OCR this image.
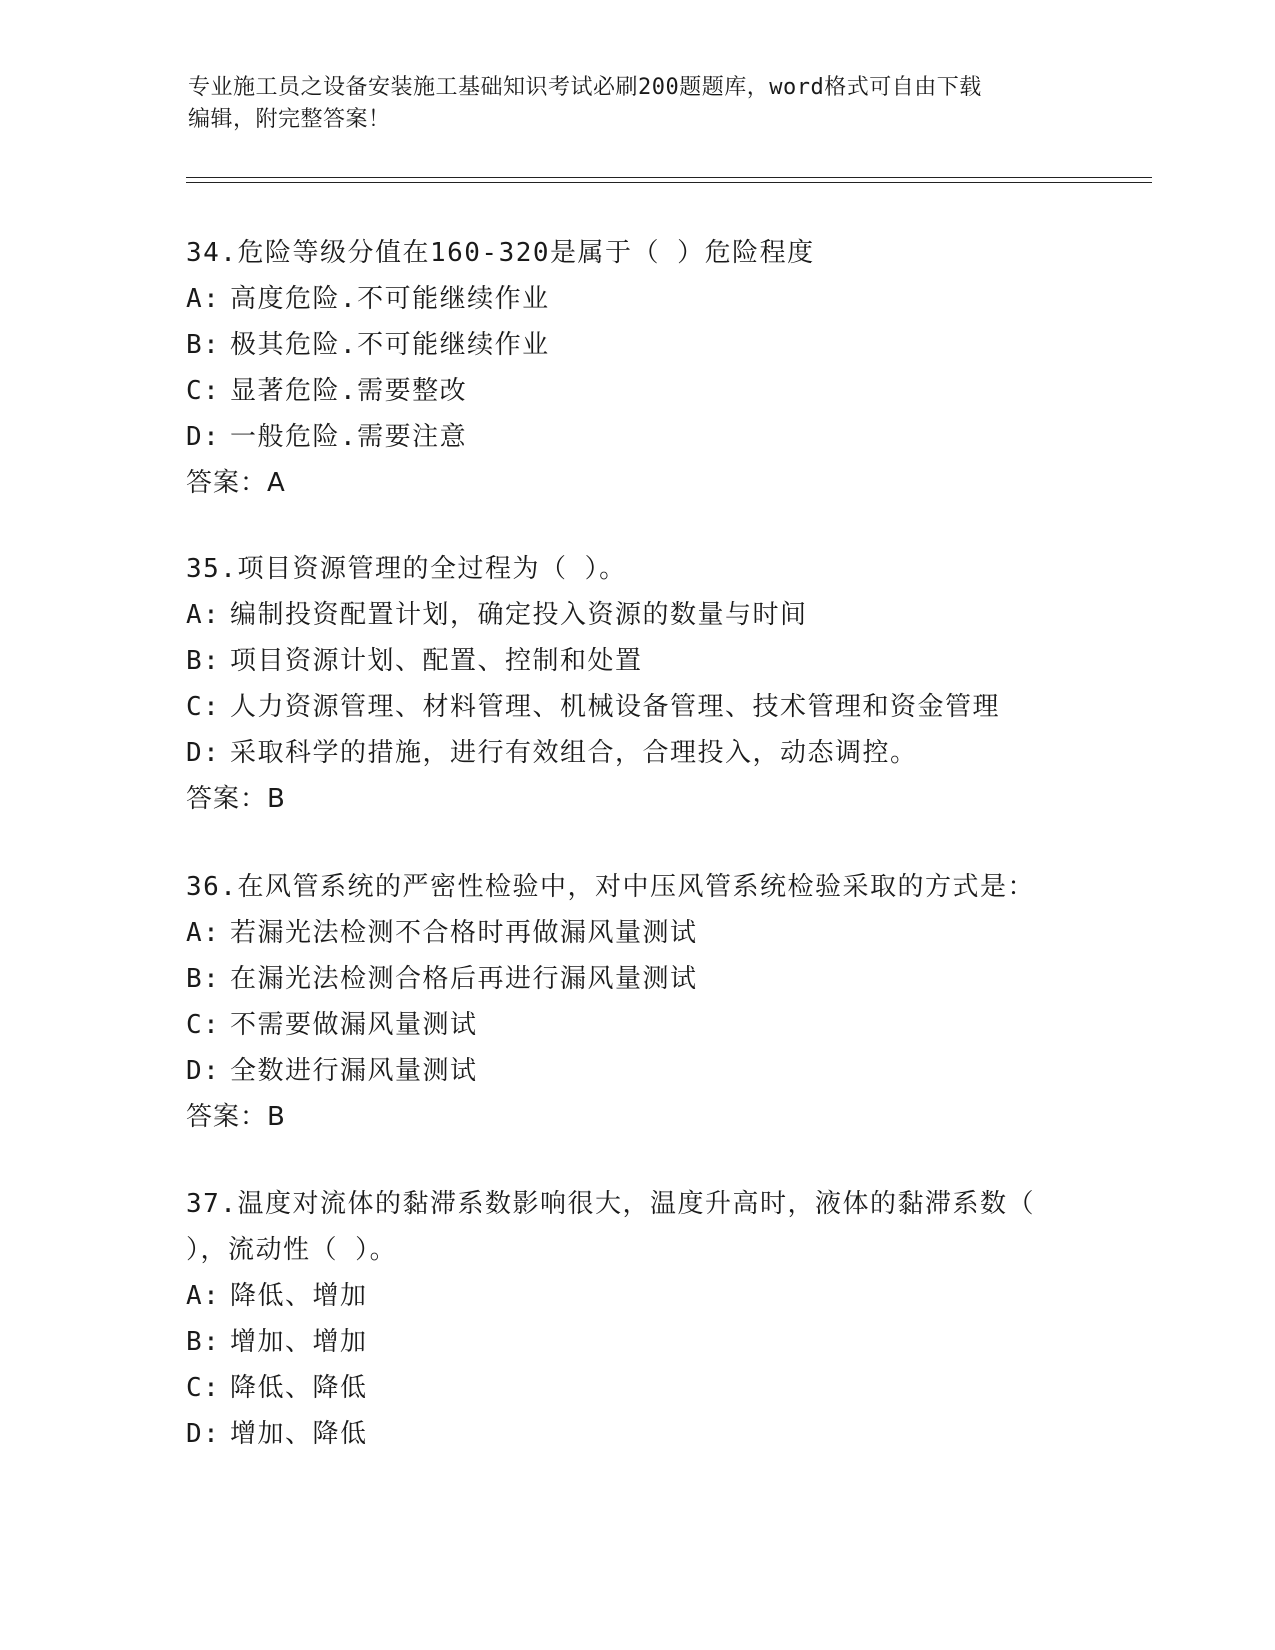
专业施工员之设备安装施工基础知识考试必刷200题题库，word格式可自由下载
编辑，附完整答案！
34.危险等级分值在160-320是属于（ ）危险程度
A: 高度危险.不可能继续作业
B: 极其危险.不可能继续作业
C: 显著危险.需要整改
D: 一般危险.需要注意
答案：A
35.项目资源管理的全过程为（ ）。
A: 编制投资配置计划，确定投入资源的数量与时间
B: 项目资源计划、配置、控制和处置
C: 人力资源管理、材料管理、机械设备管理、技术管理和资金管理
D: 采取科学的措施，进行有效组合，合理投入，动态调控。
答案：B
36.在风管系统的严密性检验中，对中压风管系统检验采取的方式是：
A: 若漏光法检测不合格时再做漏风量测试
B: 在漏光法检测合格后再进行漏风量测试
C: 不需要做漏风量测试
D: 全数进行漏风量测试
答案：B
37.温度对流体的黏滞系数影响很大，温度升高时，液体的黏滞系数（
），流动性（ ）。
A: 降低、增加
B: 增加、增加
C: 降低、降低
D: 增加、降低
